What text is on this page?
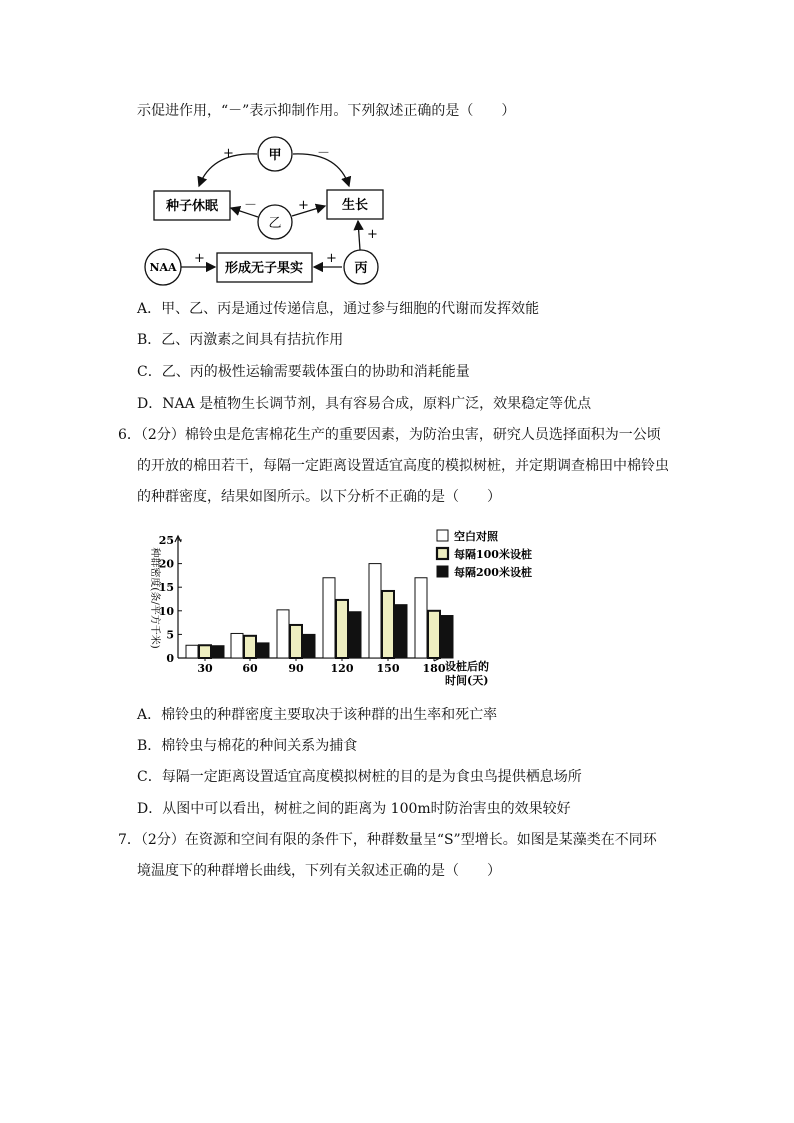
示促进作用，“－”表示抑制作用。下列叙述正确的是（　　）
甲
乙
丙
NAA
种子休眠	生长
形成无子果实
+	－
－	+
+
+	+
A．甲、乙、丙是通过传递信息，通过参与细胞的代谢而发挥效能
B．乙、丙激素之间具有拮抗作用
C．乙、丙的极性运输需要载体蛋白的协助和消耗能量
D．NAA 是植物生长调节剂，具有容易合成，原料广泛，效果稳定等优点
6．（2分）棉铃虫是危害棉花生产的重要因素，为防治虫害，研究人员选择面积为一公顷
的开放的棉田若干，每隔一定距离设置适宜高度的模拟树桩，并定期调查棉田中棉铃虫
的种群密度，结果如图所示。以下分析不正确的是（　　）
种群密度(条/平方千米)
0
5
10
15
20
25
30	60	90 120 150 180
空白对照
每隔100米设桩
每隔200米设桩
设桩后的
时间(天)
A．棉铃虫的种群密度主要取决于该种群的出生率和死亡率
B．棉铃虫与棉花的种间关系为捕食
C．每隔一定距离设置适宜高度模拟树桩的目的是为食虫鸟提供栖息场所
D．从图中可以看出，树桩之间的距离为 100m时防治害虫的效果较好
7．（2分）在资源和空间有限的条件下，种群数量呈“S”型增长。如图是某藻类在不同环
境温度下的种群增长曲线，下列有关叙述正确的是（　　）
